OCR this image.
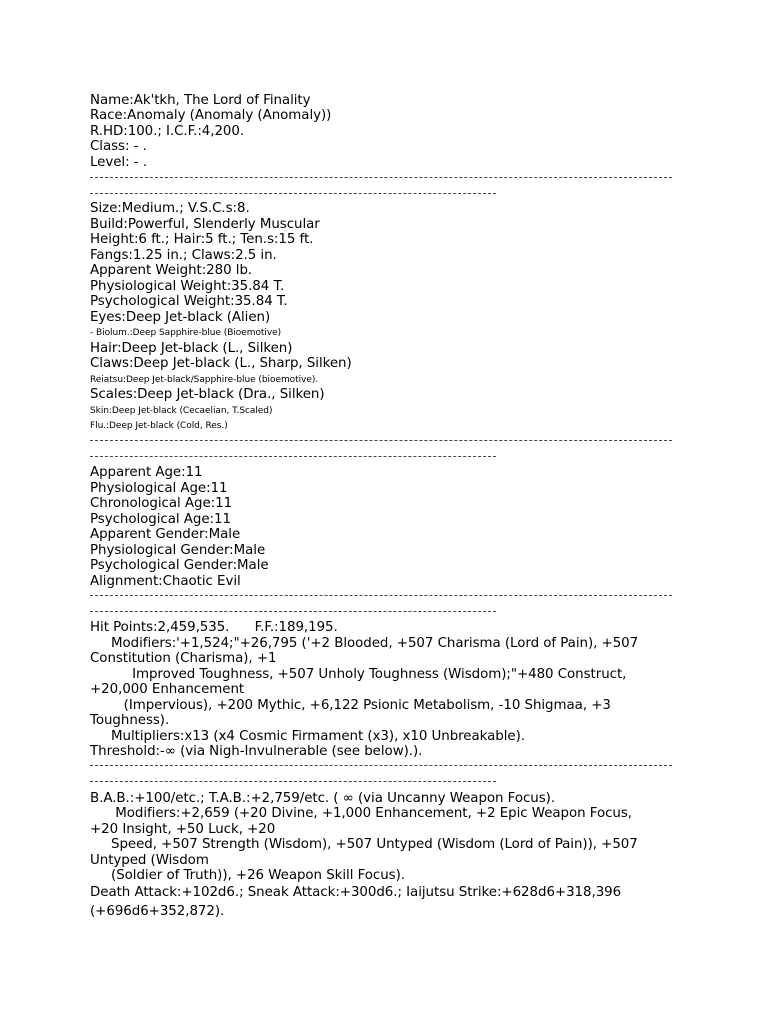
Name:Ak'tkh, The Lord of Finality
Race:Anomaly (Anomaly (Anomaly))
R.HD:100.; I.C.F.:4,200.
Class: - .
Level: - .
Size:Medium.; V.S.C.s:8.
Build:Powerful, Slenderly Muscular
Height:6 ft.; Hair:5 ft.; Ten.s:15 ft.
Fangs:1.25 in.; Claws:2.5 in.
Apparent Weight:280 lb.
Physiological Weight:35.84 T.
Psychological Weight:35.84 T.
Eyes:Deep Jet-black (Alien)
- Biolum.:Deep Sapphire-blue (Bioemotive)
Hair:Deep Jet-black (L., Silken)
Claws:Deep Jet-black (L., Sharp, Silken)
Reiatsu:Deep Jet-black/Sapphire-blue (bioemotive).
Scales:Deep Jet-black (Dra., Silken)
Skin:Deep Jet-black (Cecaelian, T.Scaled)
Flu.:Deep Jet-black (Cold, Res.)
Apparent Age:11
Physiological Age:11
Chronological Age:11
Psychological Age:11
Apparent Gender:Male
Physiological Gender:Male
Psychological Gender:Male
Alignment:Chaotic Evil
Hit Points:2,459,535.      F.F.:189,195.
Modifiers:'+1,524;"+26,795 ('+2 Blooded, +507 Charisma (Lord of Pain), +507
Constitution (Charisma), +1
Improved Toughness, +507 Unholy Toughness (Wisdom);"+480 Construct,
+20,000 Enhancement
(Impervious), +200 Mythic, +6,122 Psionic Metabolism, -10 Shigmaa, +3
Toughness).
Multipliers:x13 (x4 Cosmic Firmament (x3), x10 Unbreakable).
Threshold:-∞ (via Nigh-Invulnerable (see below).).
B.A.B.:+100/etc.; T.A.B.:+2,759/etc. ( ∞ (via Uncanny Weapon Focus).
Modifiers:+2,659 (+20 Divine, +1,000 Enhancement, +2 Epic Weapon Focus,
+20 Insight, +50 Luck, +20
Speed, +507 Strength (Wisdom), +507 Untyped (Wisdom (Lord of Pain)), +507
Untyped (Wisdom
(Soldier of Truth)), +26 Weapon Skill Focus).
Death Attack:+102d6.; Sneak Attack:+300d6.; Iaijutsu Strike:+628d6+318,396
(+696d6+352,872).
